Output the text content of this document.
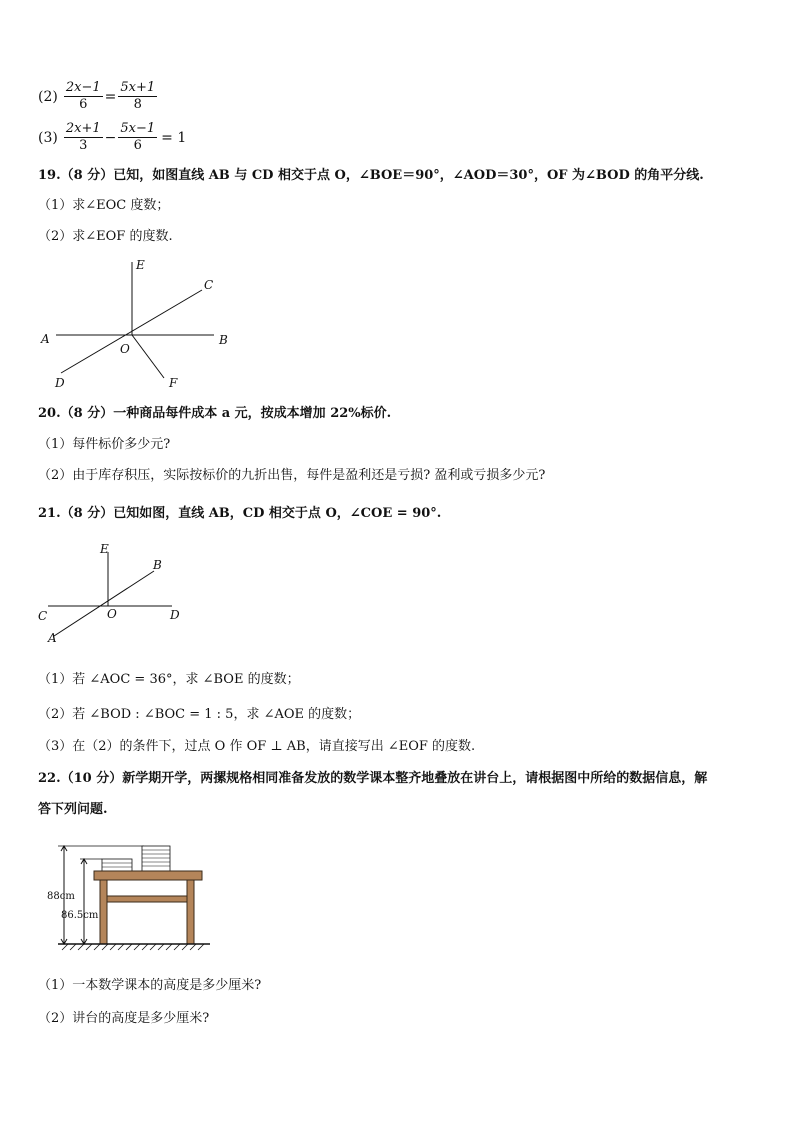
$(2) \frac{2x-1}{6} = \frac{5x+1}{8}$
$(3) \frac{2x+1}{3} - \frac{5x-1}{6} = 1$
19.（8 分）已知，如图直线 AB 与 CD 相交于点 O，∠BOE＝90°，∠AOD＝30°，OF 为∠BOD 的角平分线.
（1）求∠EOC 度数；
（2）求∠EOF 的度数.
E
C
A	B
O
D	F
20.（8 分）一种商品每件成本 a 元，按成本增加 22%标价.
（1）每件标价多少元?
（2）由于库存积压，实际按标价的九折出售，每件是盈利还是亏损? 盈利或亏损多少元?
21.（8 分）已知如图，直线 AB，CD 相交于点 O，∠COE = 90°.
E
B
C	O	D
A
（1）若 ∠AOC = 36°，求 ∠BOE 的度数；
（2）若 ∠BOD : ∠BOC = 1 : 5，求 ∠AOE 的度数；
（3）在（2）的条件下，过点 O 作 OF ⊥ AB，请直接写出 ∠EOF 的度数.
22.（10 分）新学期开学，两摞规格相同准备发放的数学课本整齐地叠放在讲台上，请根据图中所给的数据信息，解
答下列问题.
88cm
86.5cm
（1）一本数学课本的高度是多少厘米?
（2）讲台的高度是多少厘米?
